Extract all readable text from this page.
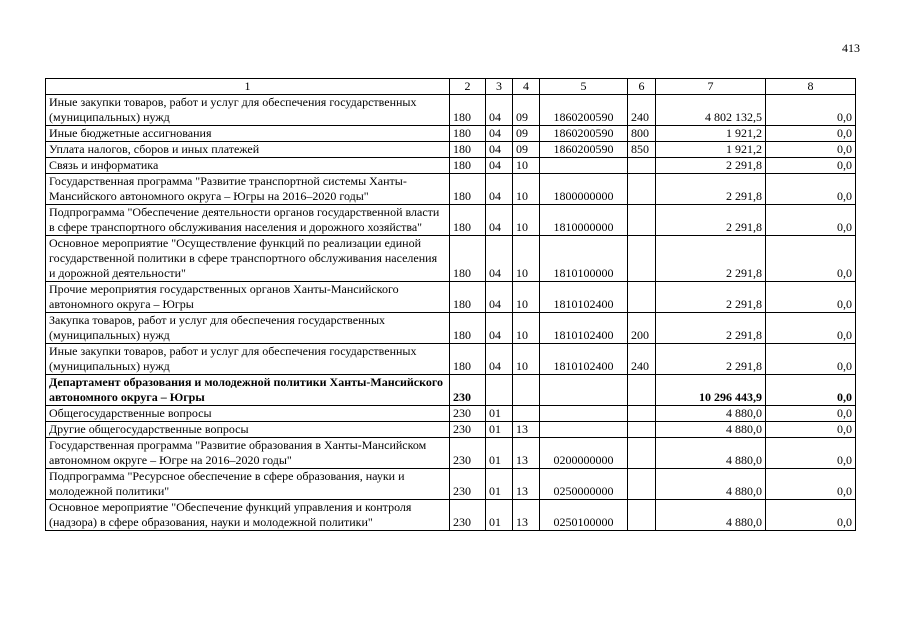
413
1	2	3	4	5	6	7	8
Иные закупки товаров, работ и услуг для обеспечения государственных (муниципальных) нужд	180	04	09	1860200590	240	4 802 132,5	0,0
Иные бюджетные ассигнования	180	04	09	1860200590	800	1 921,2	0,0
Уплата налогов, сборов и иных платежей	180	04	09	1860200590	850	1 921,2	0,0
Связь и информатика	180	04	10			2 291,8	0,0
Государственная программа "Развитие транспортной системы Ханты-Мансийского автономного округа – Югры на 2016–2020 годы"	180	04	10	1800000000		2 291,8	0,0
Подпрограмма "Обеспечение деятельности органов государственной власти в сфере транспортного обслуживания населения и дорожного хозяйства"	180	04	10	1810000000		2 291,8	0,0
Основное мероприятие "Осуществление функций по реализации единой государственной политики в сфере транспортного обслуживания населения и дорожной деятельности"	180	04	10	1810100000		2 291,8	0,0
Прочие мероприятия государственных органов Ханты-Мансийского автономного округа – Югры	180	04	10	1810102400		2 291,8	0,0
Закупка товаров, работ и услуг для обеспечения государственных (муниципальных) нужд	180	04	10	1810102400	200	2 291,8	0,0
Иные закупки товаров, работ и услуг для обеспечения государственных (муниципальных) нужд	180	04	10	1810102400	240	2 291,8	0,0
Департамент образования и молодежной политики Ханты-Мансийского автономного округа – Югры	230					10 296 443,9	0,0
Общегосударственные вопросы	230	01				4 880,0	0,0
Другие общегосударственные вопросы	230	01	13			4 880,0	0,0
Государственная программа "Развитие образования в Ханты-Мансийском автономном округе – Югре на 2016–2020 годы"	230	01	13	0200000000		4 880,0	0,0
Подпрограмма "Ресурсное обеспечение в сфере образования, науки и молодежной политики"	230	01	13	0250000000		4 880,0	0,0
Основное мероприятие "Обеспечение функций управления и контроля (надзора) в сфере образования, науки и молодежной политики"	230	01	13	0250100000		4 880,0	0,0
